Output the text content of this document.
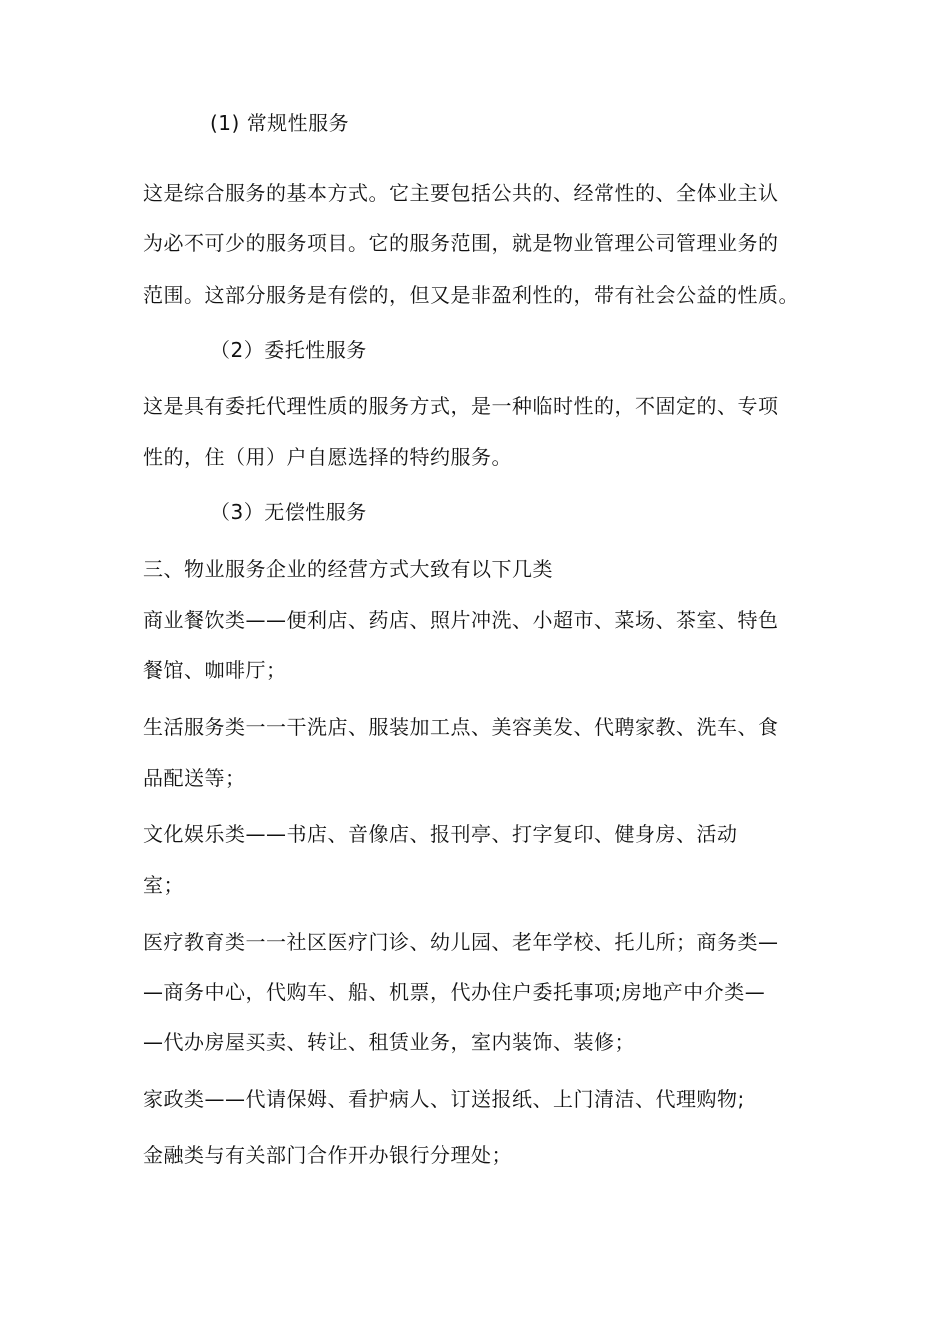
(1) 常规性服务
这是综合服务的基本方式。它主要包括公共的、经常性的、全体业主认
为必不可少的服务项目。它的服务范围，就是物业管理公司管理业务的
范围。这部分服务是有偿的，但又是非盈利性的，带有社会公益的性质。
（2）委托性服务
这是具有委托代理性质的服务方式，是一种临时性的，不固定的、专项
性的，住（用）户自愿选择的特约服务。
（3）无偿性服务
三、物业服务企业的经营方式大致有以下几类
商业餐饮类——便利店、药店、照片冲洗、小超市、菜场、茶室、特色
餐馆、咖啡厅；
生活服务类一一干洗店、服装加工点、美容美发、代聘家教、洗车、食
品配送等；
文化娱乐类——书店、音像店、报刊亭、打字复印、健身房、活动
室；
医疗教育类一一社区医疗门诊、幼儿园、老年学校、托儿所；商务类—
—商务中心，代购车、船、机票，代办住户委托事项;房地产中介类—
—代办房屋买卖、转让、租赁业务，室内装饰、装修；
家政类——代请保姆、看护病人、订送报纸、上门清洁、代理购物;
金融类与有关部门合作开办银行分理处；
